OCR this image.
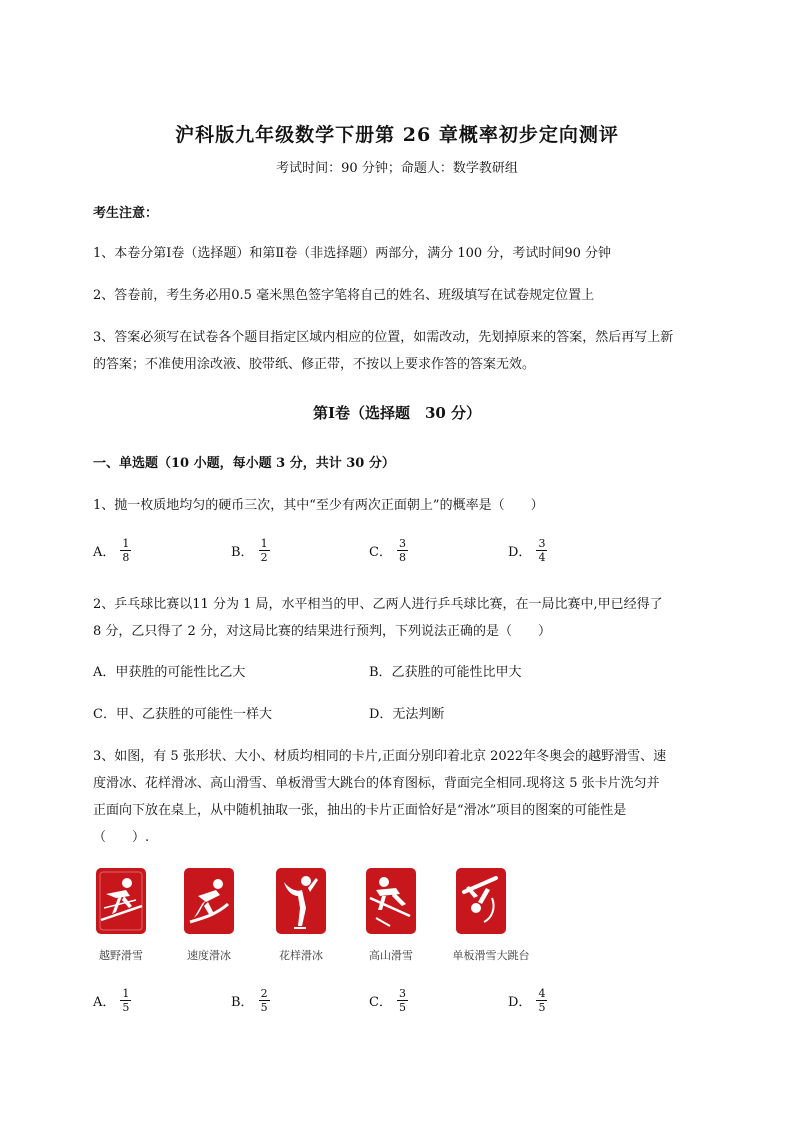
沪科版九年级数学下册第 26 章概率初步定向测评
考试时间：90 分钟；命题人：数学教研组
考生注意：
1、本卷分第Ⅰ卷（选择题）和第Ⅱ卷（非选择题）两部分，满分 100 分，考试时间90 分钟
2、答卷前，考生务必用0.5 毫米黑色签字笔将自己的姓名、班级填写在试卷规定位置上
3、答案必须写在试卷各个题目指定区域内相应的位置，如需改动，先划掉原来的答案，然后再写上新
的答案；不准使用涂改液、胶带纸、修正带，不按以上要求作答的答案无效。
第Ⅰ卷（选择题　30 分）
一、单选题（10 小题，每小题 3 分，共计 30 分）
1、抛一枚质地均匀的硬币三次，其中“至少有两次正面朝上”的概率是（　　）
A． $\frac{1}{8}$	B． $\frac{1}{2}$	C． $\frac{3}{8}$	D． $\frac{3}{4}$
2、乒乓球比赛以11 分为 1 局，水平相当的甲、乙两人进行乒乓球比赛，在一局比赛中,甲已经得了
8 分，乙只得了 2 分，对这局比赛的结果进行预判，下列说法正确的是（　　）
A．甲获胜的可能性比乙大	B．乙获胜的可能性比甲大
C．甲、乙获胜的可能性一样大	D．无法判断
3、如图，有 5 张形状、大小、材质均相同的卡片,正面分别印着北京 2022年冬奥会的越野滑雪、速
度滑冰、花样滑冰、高山滑雪、单板滑雪大跳台的体育图标，背面完全相同.现将这 5 张卡片洗匀并
正面向下放在桌上，从中随机抽取一张，抽出的卡片正面恰好是“滑冰”项目的图案的可能性是
（　　）.
越野滑雪	速度滑冰	花样滑冰	高山滑雪	单板滑雪大跳台
A． $\frac{1}{5}$	B． $\frac{2}{5}$	C． $\frac{3}{5}$	D． $\frac{4}{5}$
